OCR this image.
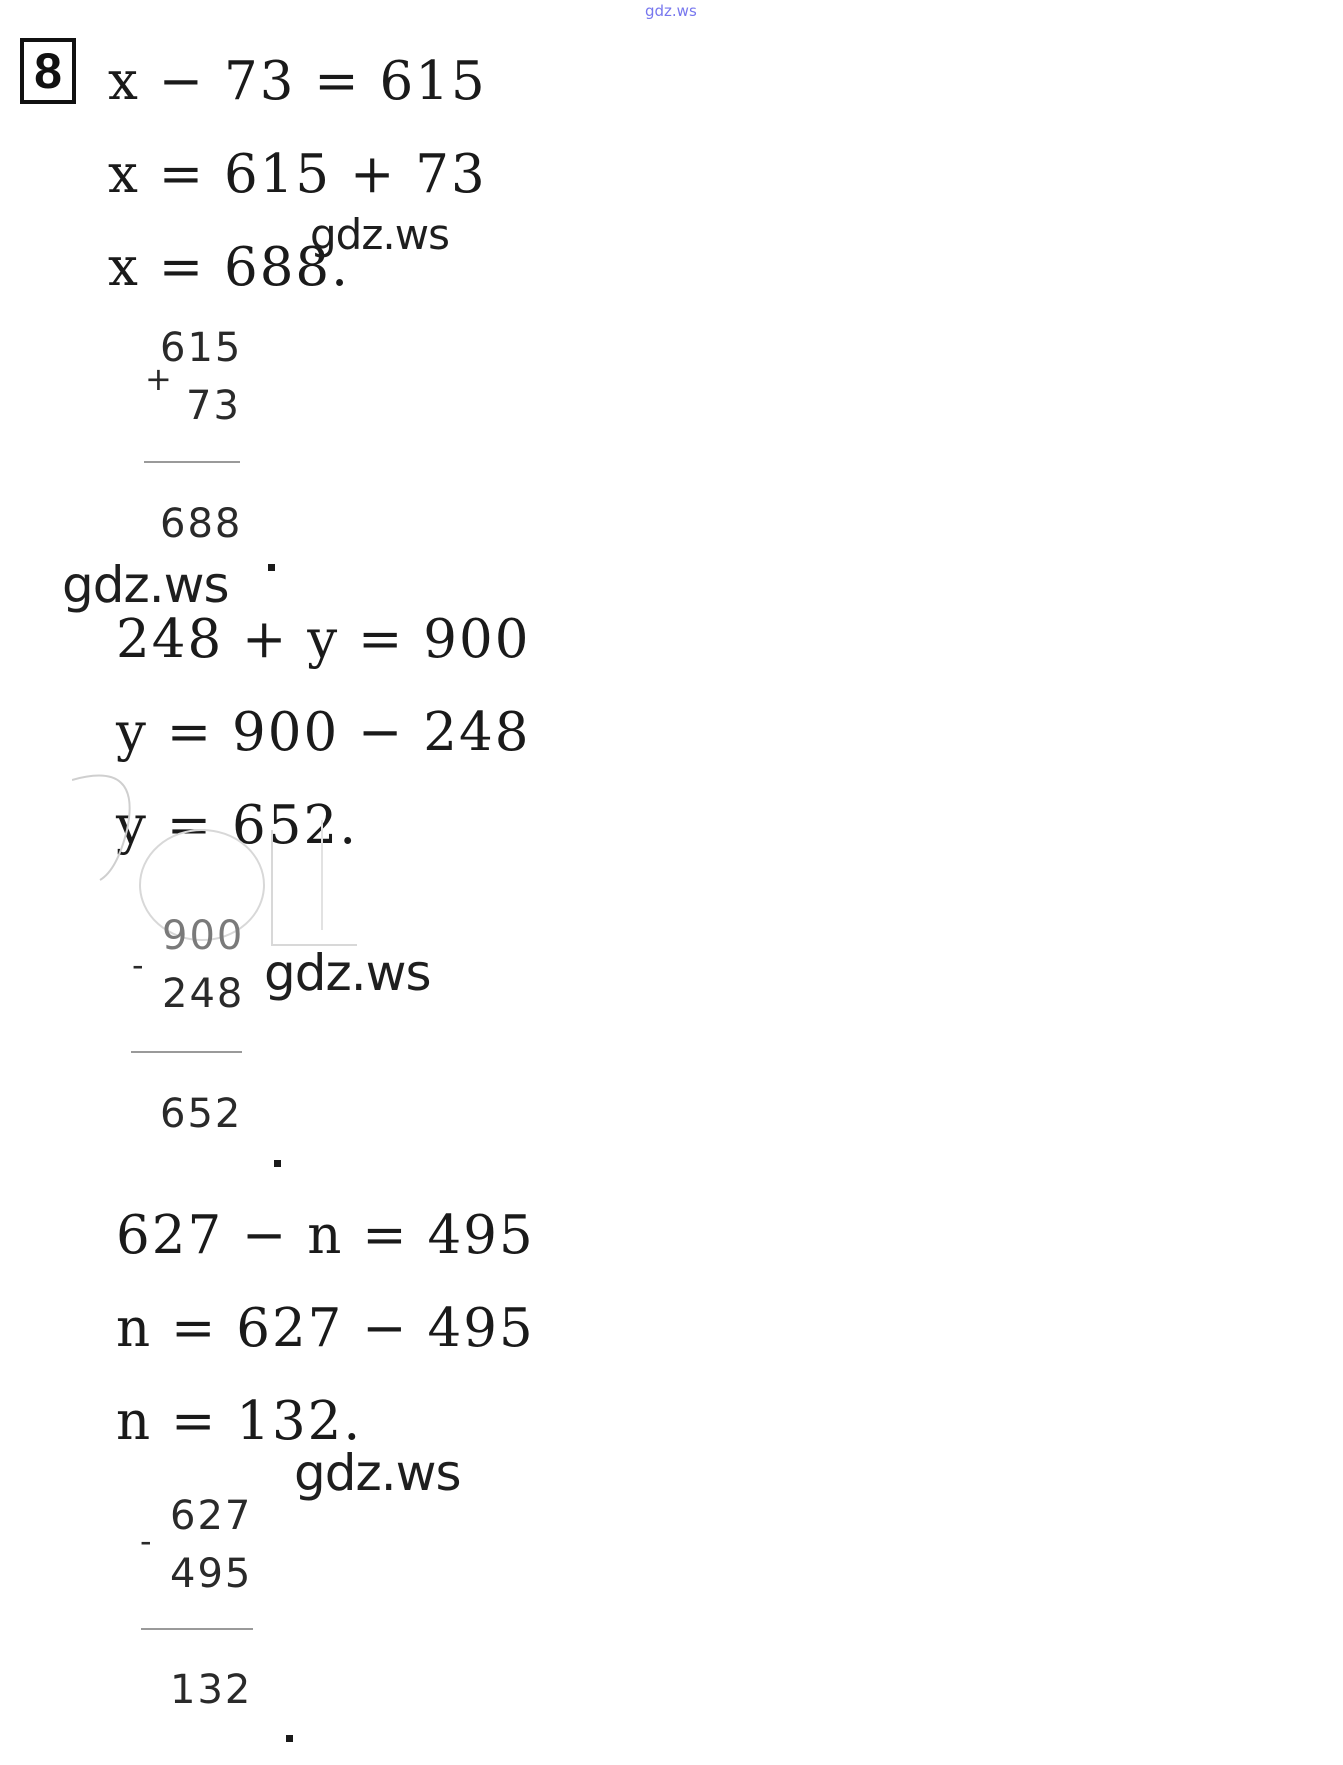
gdz.ws
8 x − 73 = 615
x = 615 + 73
x = 688.
gdz.ws
615
+
73
688
gdz.ws
248 + y = 900
y = 900 − 248
y = 652.
900
-
248 gdz.ws
652
627 − n = 495
n = 627 − 495
n = 132.
gdz.ws
627
-
495
132
